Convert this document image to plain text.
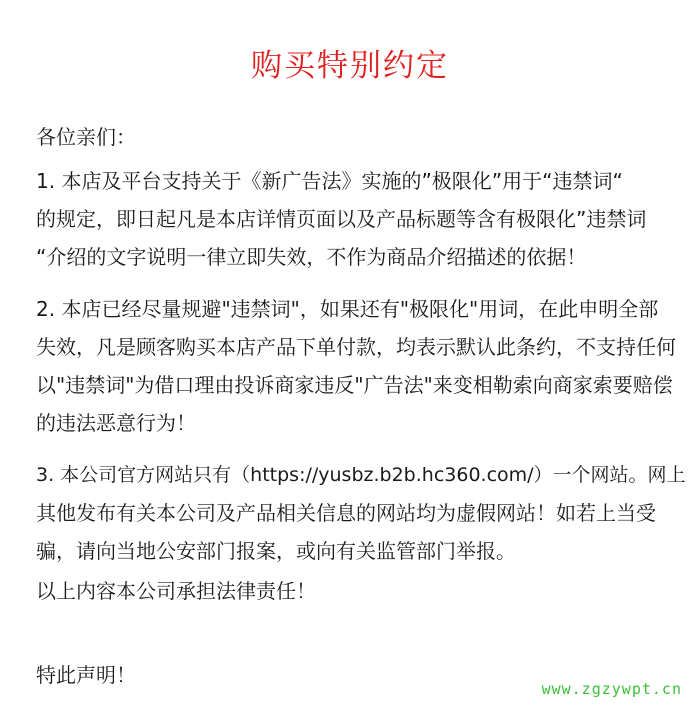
购买特别约定
各位亲们：
1. 本店及平台支持关于《新广告法》实施的”极限化”用于“违禁词“
的规定，即日起凡是本店详情页面以及产品标题等含有极限化”违禁词
“介绍的文字说明一律立即失效，不作为商品介绍描述的依据！
2. 本店已经尽量规避"违禁词"，如果还有"极限化"用词，在此申明全部
失效，凡是顾客购买本店产品下单付款，均表示默认此条约，不支持任何
以"违禁词"为借口理由投诉商家违反"广告法"来变相勒索向商家索要赔偿
的违法恶意行为！
3. 本公司官方网站只有（https://yusbz.b2b.hc360.com/）一个网站。网上
其他发布有关本公司及产品相关信息的网站均为虚假网站！如若上当受
骗，请向当地公安部门报案，或向有关监管部门举报。
以上内容本公司承担法律责任！
特此声明！
www.zgzywpt.cn
